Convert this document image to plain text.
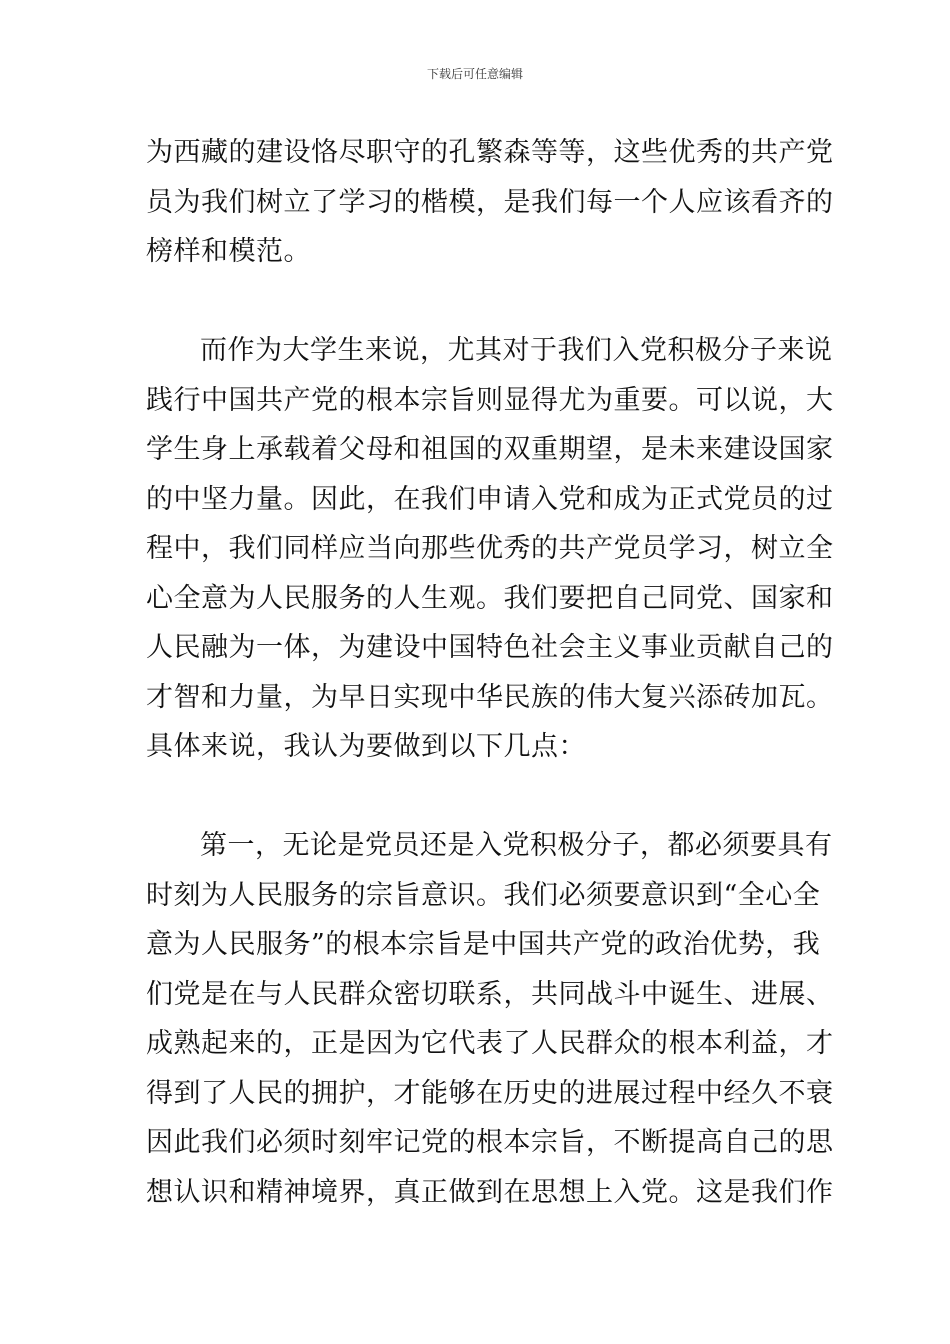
下载后可任意编辑
为西藏的建设恪尽职守的孔繁森等等，这些优秀的共产党
员为我们树立了学习的楷模，是我们每一个人应该看齐的
榜样和模范。
而作为大学生来说，尤其对于我们入党积极分子来说
践行中国共产党的根本宗旨则显得尤为重要。可以说，大
学生身上承载着父母和祖国的双重期望，是未来建设国家
的中坚力量。因此，在我们申请入党和成为正式党员的过
程中，我们同样应当向那些优秀的共产党员学习，树立全
心全意为人民服务的人生观。我们要把自己同党、国家和
人民融为一体，为建设中国特色社会主义事业贡献自己的
才智和力量，为早日实现中华民族的伟大复兴添砖加瓦。
具体来说，我认为要做到以下几点：
第一，无论是党员还是入党积极分子，都必须要具有
时刻为人民服务的宗旨意识。我们必须要意识到“全心全
意为人民服务”的根本宗旨是中国共产党的政治优势，我
们党是在与人民群众密切联系，共同战斗中诞生、进展、
成熟起来的，正是因为它代表了人民群众的根本利益，才
得到了人民的拥护，才能够在历史的进展过程中经久不衰
因此我们必须时刻牢记党的根本宗旨，不断提高自己的思
想认识和精神境界，真正做到在思想上入党。这是我们作
